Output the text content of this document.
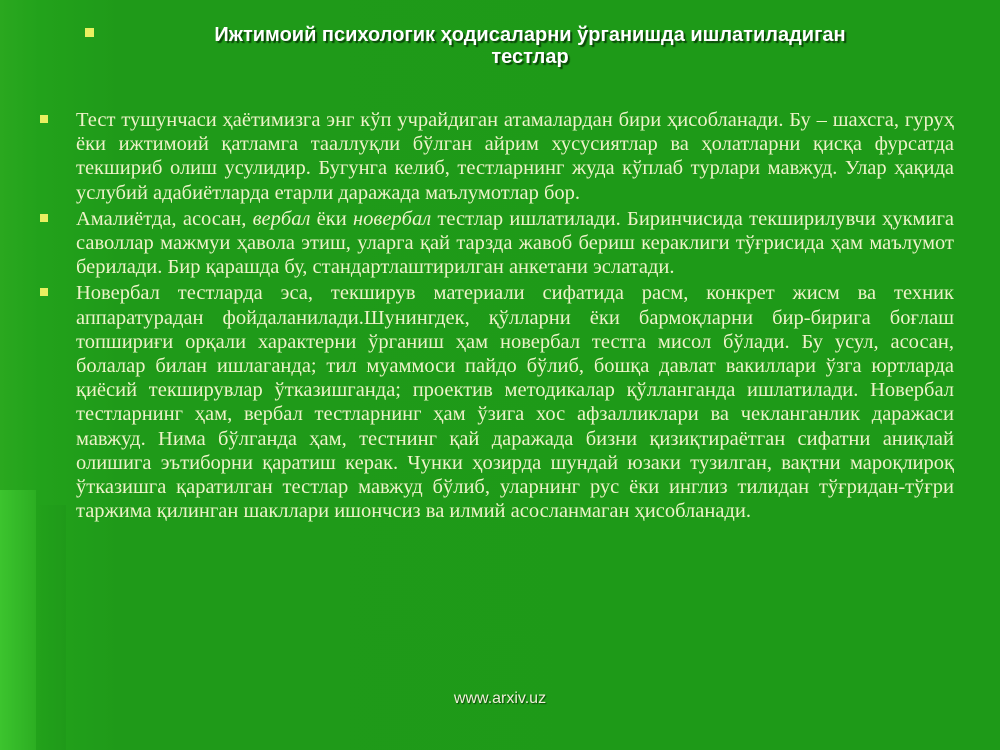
Ижтимоий психологик ҳодисаларни ўрганишда ишлатиладиган
тестлар

Тест тушунчаси ҳаётимизга энг кўп учрайдиган атамалардан бири ҳисобланади. Бу – шахсга, гуруҳ ёки ижтимоий қатламга тааллуқли бўлган айрим хусусиятлар ва ҳолатларни қисқа фурсатда текшириб олиш усулидир. Бугунга келиб, тестларнинг жуда кўплаб турлари мавжуд. Улар ҳақида услубий адабиётларда етарли даражада маълумотлар бор.

Амалиётда, асосан, вербал ёки новербал тестлар ишлатилади. Биринчисида текширилувчи ҳукмига саволлар мажмуи ҳавола этиш, уларга қай тарзда жавоб бериш кераклиги тўғрисида ҳам маълумот берилади. Бир қарашда бу, стандартлаштирилган анкетани эслатади.

Новербал тестларда эса, текширув материали сифатида расм, конкрет жисм ва техник аппаратурадан фойдаланилади.Шунингдек, қўлларни ёки бармоқларни бир-бирига боғлаш топшириғи орқали характерни ўрганиш ҳам новербал тестга мисол бўлади. Бу усул, асосан, болалар билан ишлаганда; тил муаммоси пайдо бўлиб, бошқа давлат вакиллари ўзга юртларда қиёсий текширувлар ўтказишганда; проектив методикалар қўлланганда ишлатилади. Новербал тестларнинг ҳам, вербал тестларнинг ҳам ўзига хос афзалликлари ва чекланганлик даражаси мавжуд. Нима бўлганда ҳам, тестнинг қай даражада бизни қизиқтираётган сифатни аниқлай олишига эътиборни қаратиш керак. Чунки ҳозирда шундай юзаки тузилган, вақтни мароқлироқ ўтказишга қаратилган тестлар мавжуд бўлиб, уларнинг рус ёки инглиз тилидан тўғридан-тўғри таржима қилинган шакллари ишончсиз ва илмий асосланмаган ҳисобланади.

www.arxiv.uz
